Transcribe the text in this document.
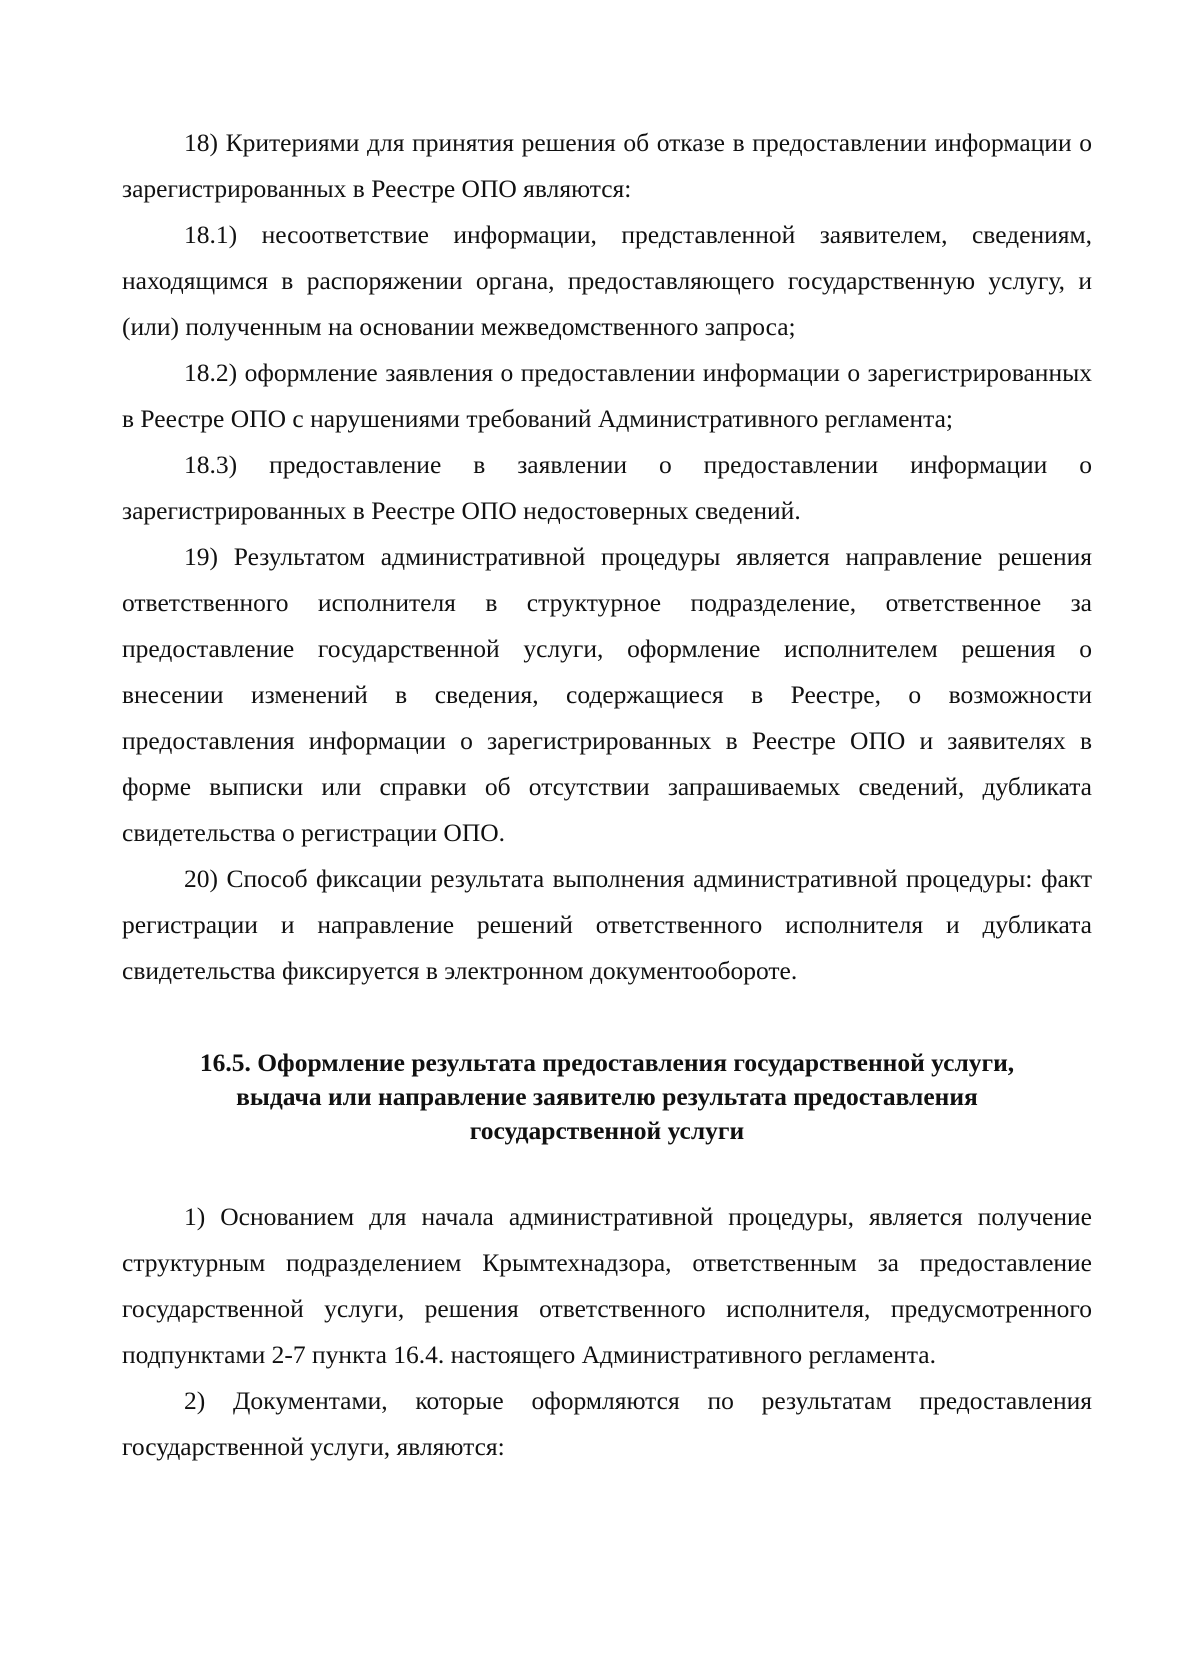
18) Критериями для принятия решения об отказе в предоставлении информации о зарегистрированных в Реестре ОПО являются:

18.1) несоответствие информации, представленной заявителем, сведениям, находящимся в распоряжении органа, предоставляющего государственную услугу, и (или) полученным на основании межведомственного запроса;

18.2) оформление заявления о предоставлении информации о зарегистрированных в Реестре ОПО с нарушениями требований Административного регламента;

18.3) предоставление в заявлении о предоставлении информации о зарегистрированных в Реестре ОПО недостоверных сведений.

19) Результатом административной процедуры является направление решения ответственного исполнителя в структурное подразделение, ответственное за предоставление государственной услуги, оформление исполнителем решения о внесении изменений в сведения, содержащиеся в Реестре, о возможности предоставления информации о зарегистрированных в Реестре ОПО и заявителях в форме выписки или справки об отсутствии запрашиваемых сведений, дубликата свидетельства о регистрации ОПО.

20) Способ фиксации результата выполнения административной процедуры: факт регистрации и направление решений ответственного исполнителя и дубликата свидетельства фиксируется в электронном документообороте.

16.5. Оформление результата предоставления государственной услуги,
выдача или направление заявителю результата предоставления
государственной услуги

1) Основанием для начала административной процедуры, является получение структурным подразделением Крымтехнадзора, ответственным за предоставление государственной услуги, решения ответственного исполнителя, предусмотренного подпунктами 2-7 пункта 16.4. настоящего Административного регламента.

2) Документами, которые оформляются по результатам предоставления государственной услуги, являются:
